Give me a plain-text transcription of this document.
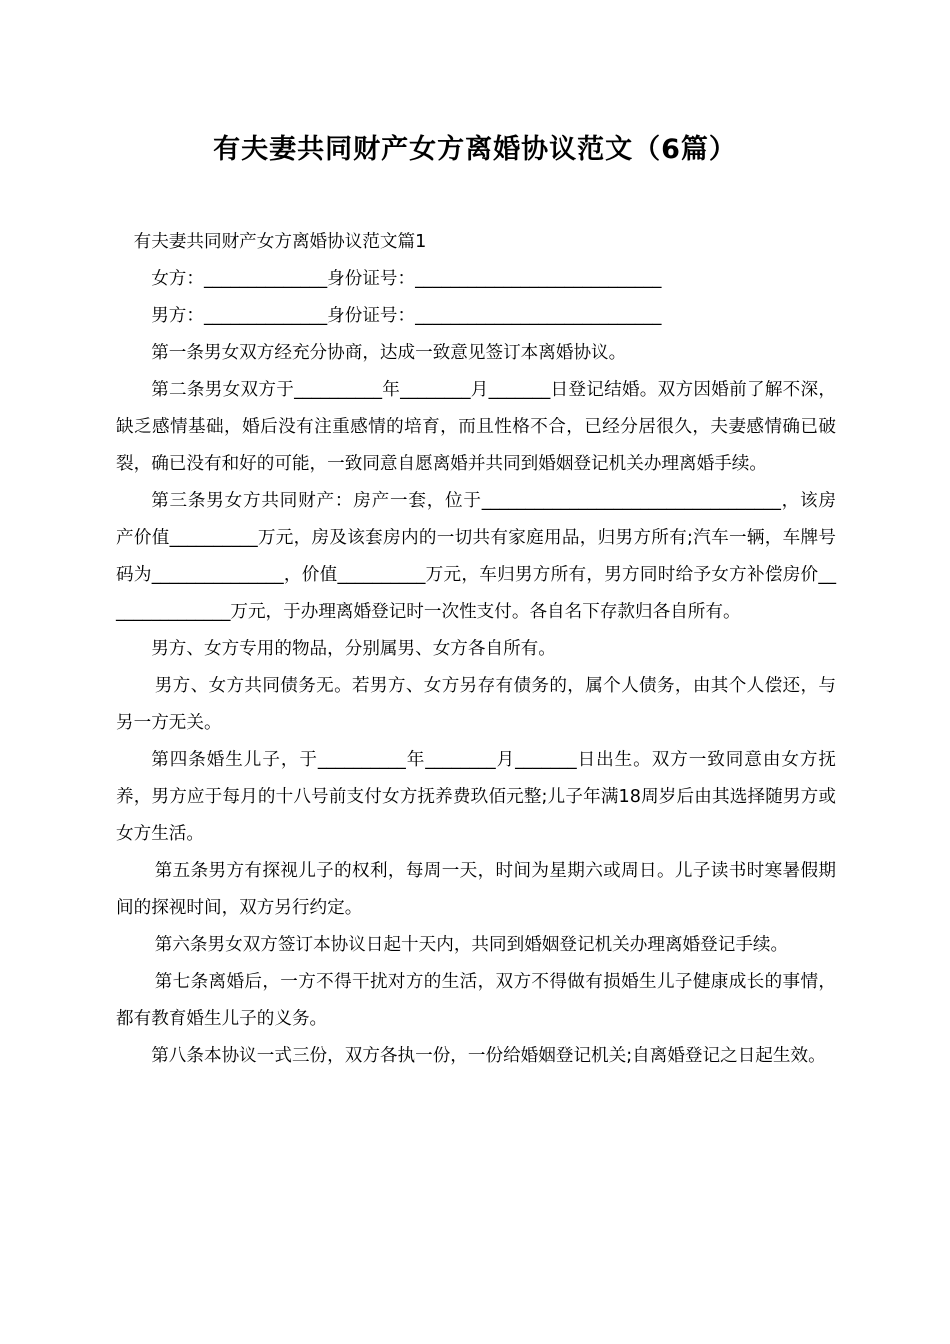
有夫妻共同财产女方离婚协议范文（6篇）

有夫妻共同财产女方离婚协议范文篇1

女方：______________身份证号：____________________________

男方：______________身份证号：____________________________

第一条男女双方经充分协商，达成一致意见签订本离婚协议。

第二条男女双方于__________年________月_______日登记结婚。双方因婚前了解不深，缺乏感情基础，婚后没有注重感情的培育，而且性格不合，已经分居很久，夫妻感情确已破裂，确已没有和好的可能，一致同意自愿离婚并共同到婚姻登记机关办理离婚手续。

第三条男女方共同财产：房产一套，位于__________________________________，该房产价值__________万元，房及该套房内的一切共有家庭用品，归男方所有;汽车一辆，车牌号码为_______________，价值__________万元，车归男方所有，男方同时给予女方补偿房价_______________万元，于办理离婚登记时一次性支付。各自名下存款归各自所有。

男方、女方专用的物品，分别属男、女方各自所有。

男方、女方共同债务无。若男方、女方另存有债务的，属个人债务，由其个人偿还，与另一方无关。

第四条婚生儿子，于__________年________月_______日出生。双方一致同意由女方抚养，男方应于每月的十八号前支付女方抚养费玖佰元整;儿子年满18周岁后由其选择随男方或女方生活。

第五条男方有探视儿子的权利，每周一天，时间为星期六或周日。儿子读书时寒暑假期间的探视时间，双方另行约定。

第六条男女双方签订本协议日起十天内，共同到婚姻登记机关办理离婚登记手续。

第七条离婚后，一方不得干扰对方的生活，双方不得做有损婚生儿子健康成长的事情，都有教育婚生儿子的义务。

第八条本协议一式三份，双方各执一份，一份给婚姻登记机关;自离婚登记之日起生效。
